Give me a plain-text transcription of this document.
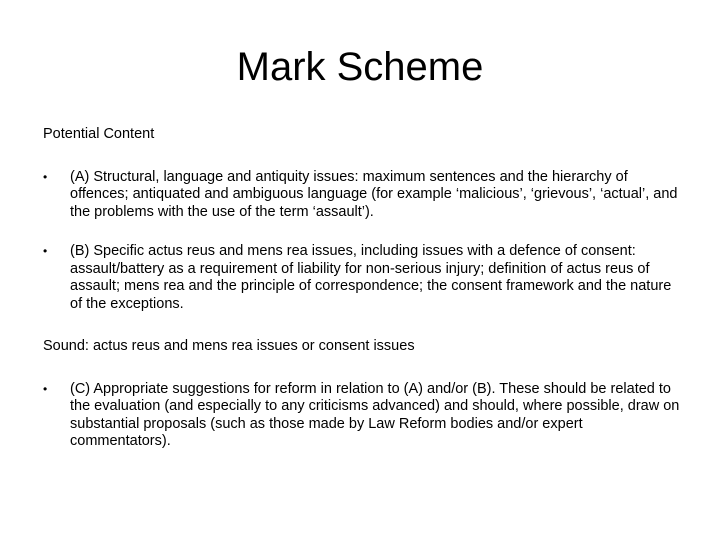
Mark Scheme

Potential Content

• (A) Structural, language and antiquity issues: maximum sentences and the hierarchy of offences; antiquated and ambiguous language (for example ‘malicious’, ‘grievous’, ‘actual’, and the problems with the use of the term ‘assault’).
• (B) Specific actus reus and mens rea issues, including issues with a defence of consent: assault/battery as a requirement of liability for non-serious injury; definition of actus reus of assault; mens rea and the principle of correspondence; the consent framework and the nature of the exceptions.

Sound: actus reus and mens rea issues or consent issues

• (C) Appropriate suggestions for reform in relation to (A) and/or (B). These should be related to the evaluation (and especially to any criticisms advanced) and should, where possible, draw on substantial proposals (such as those made by Law Reform bodies and/or expert commentators).
